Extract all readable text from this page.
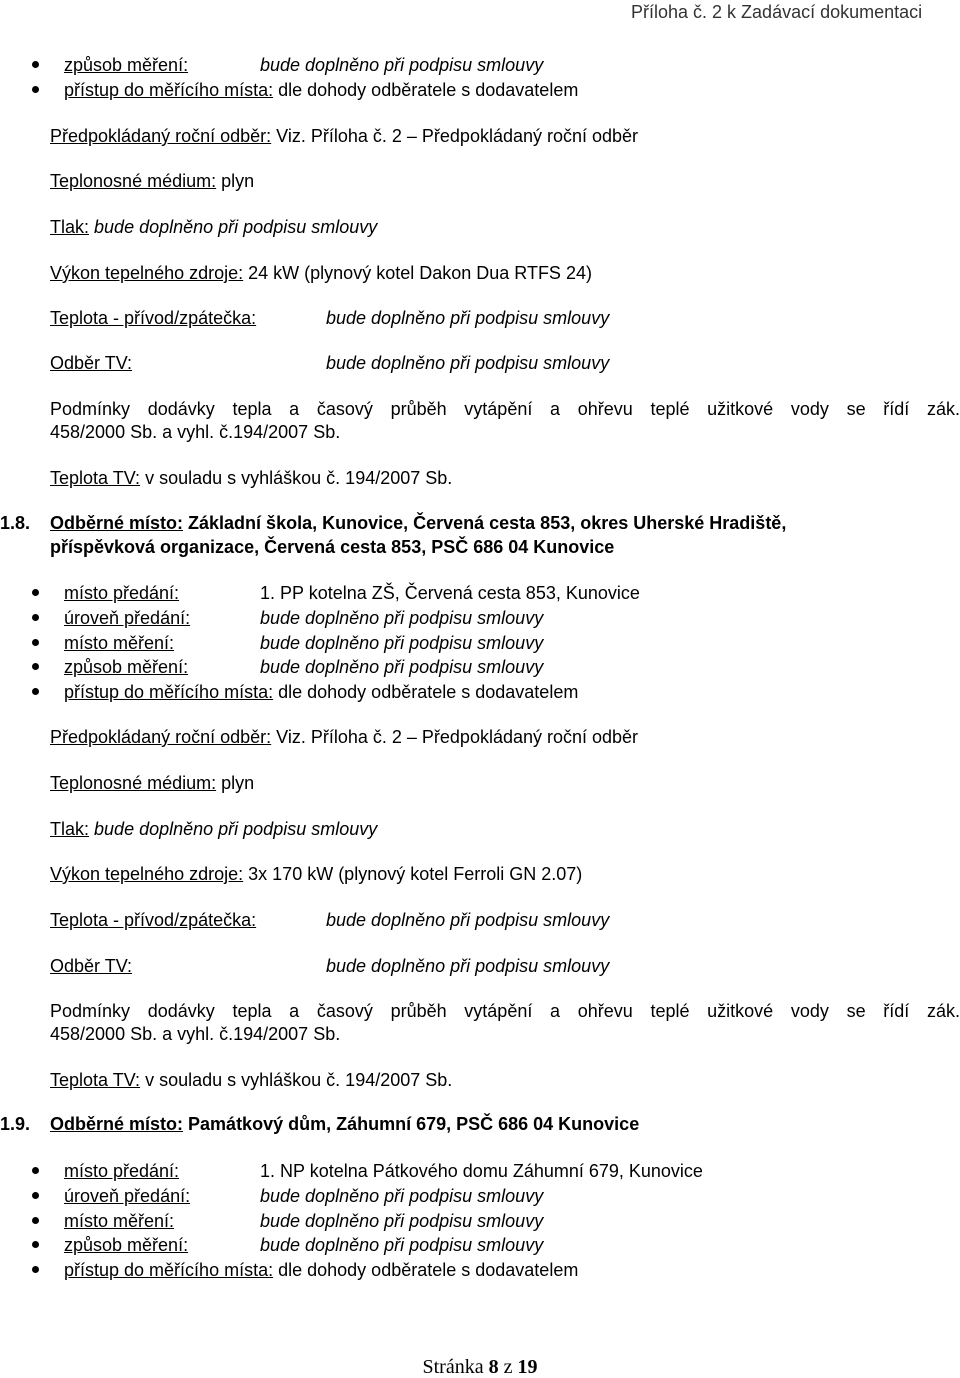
Příloha č. 2 k Zadávací dokumentaci
způsob měření:	bude doplněno při podpisu smlouvy
přístup do měřícího místa: dle dohody odběratele s dodavatelem
Předpokládaný roční odběr: Viz. Příloha č. 2 – Předpokládaný roční odběr
Teplonosné médium: plyn
Tlak: bude doplněno při podpisu smlouvy
Výkon tepelného zdroje: 24 kW (plynový kotel Dakon Dua RTFS 24)
Teplota - přívod/zpátečka:	bude doplněno při podpisu smlouvy
Odběr TV:	bude doplněno při podpisu smlouvy
Podmínky dodávky tepla a časový průběh vytápění a ohřevu teplé užitkové vody se řídí zák.
458/2000 Sb. a vyhl. č.194/2007 Sb.
Teplota TV: v souladu s vyhláškou č. 194/2007 Sb.
1.8. Odběrné místo: Základní škola, Kunovice, Červená cesta 853, okres Uherské Hradiště,
příspěvková organizace, Červená cesta 853, PSČ 686 04 Kunovice
místo předání:	1. PP kotelna ZŠ, Červená cesta 853, Kunovice
úroveň předání:	bude doplněno při podpisu smlouvy
místo měření:	bude doplněno při podpisu smlouvy
způsob měření:	bude doplněno při podpisu smlouvy
přístup do měřícího místa: dle dohody odběratele s dodavatelem
Předpokládaný roční odběr: Viz. Příloha č. 2 – Předpokládaný roční odběr
Teplonosné médium: plyn
Tlak: bude doplněno při podpisu smlouvy
Výkon tepelného zdroje: 3x 170 kW (plynový kotel Ferroli GN 2.07)
Teplota - přívod/zpátečka:	bude doplněno při podpisu smlouvy
Odběr TV:	bude doplněno při podpisu smlouvy
Podmínky dodávky tepla a časový průběh vytápění a ohřevu teplé užitkové vody se řídí zák.
458/2000 Sb. a vyhl. č.194/2007 Sb.
Teplota TV: v souladu s vyhláškou č. 194/2007 Sb.
1.9. Odběrné místo: Památkový dům, Záhumní 679, PSČ 686 04 Kunovice
místo předání:	1. NP kotelna Pátkového domu Záhumní 679, Kunovice
úroveň předání:	bude doplněno při podpisu smlouvy
místo měření:	bude doplněno při podpisu smlouvy
způsob měření:	bude doplněno při podpisu smlouvy
přístup do měřícího místa: dle dohody odběratele s dodavatelem
Stránka 8 z 19
